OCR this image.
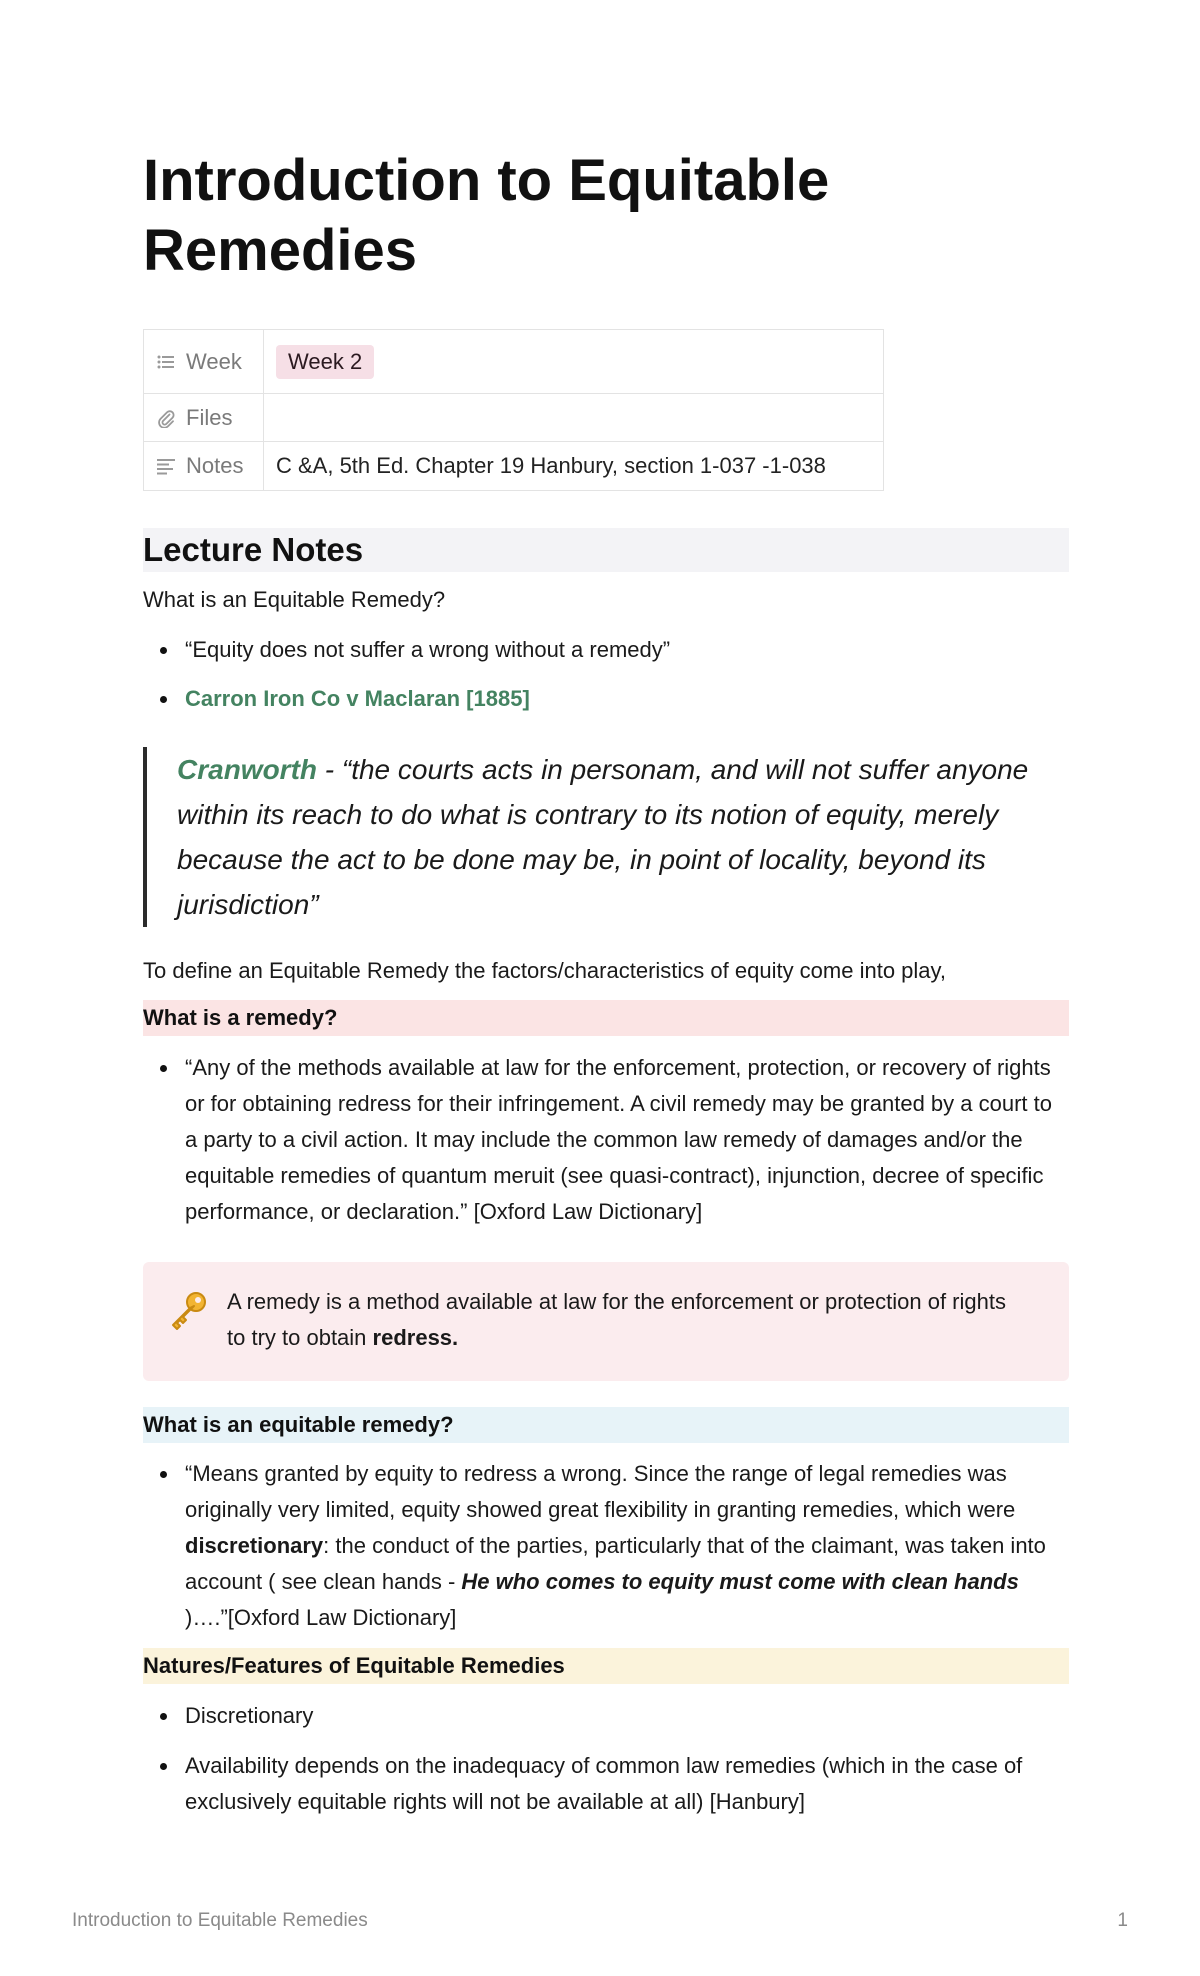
Introduction to Equitable Remedies
Week	Week 2

Files	

Notes	C &A, 5th Ed. Chapter 19 Hanbury, section 1-037 -1-038
Lecture Notes

What is an Equitable Remedy?

“Equity does not suffer a wrong without a remedy”
Carron Iron Co v Maclaran [1885]
Cranworth - “the courts acts in personam, and will not suffer anyone within its reach to do what is contrary to its notion of equity, merely because the act to be done may be, in point of locality, beyond its jurisdiction”

To define an Equitable Remedy the factors/characteristics of equity come into play,

What is a remedy?
“Any of the methods available at law for the enforcement, protection, or recovery of rights or for obtaining redress for their infringement. A civil remedy may be granted by a court to a party to a civil action. It may include the common law remedy of damages and/or the equitable remedies of quantum meruit (see quasi-contract), injunction, decree of specific performance, or declaration.” [Oxford Law Dictionary]
A remedy is a method available at law for the enforcement or protection of rights to try to obtain redress.
What is an equitable remedy?
“Means granted by equity to redress a wrong. Since the range of legal remedies was originally very limited, equity showed great flexibility in granting remedies, which were discretionary: the conduct of the parties, particularly that of the claimant, was taken into account ( see clean hands - He who comes to equity must come with clean hands )….”[Oxford Law Dictionary]
Natures/Features of Equitable Remedies
Discretionary
Availability depends on the inadequacy of common law remedies (which in the case of exclusively equitable rights will not be available at all) [Hanbury]
Introduction to Equitable Remedies	1
